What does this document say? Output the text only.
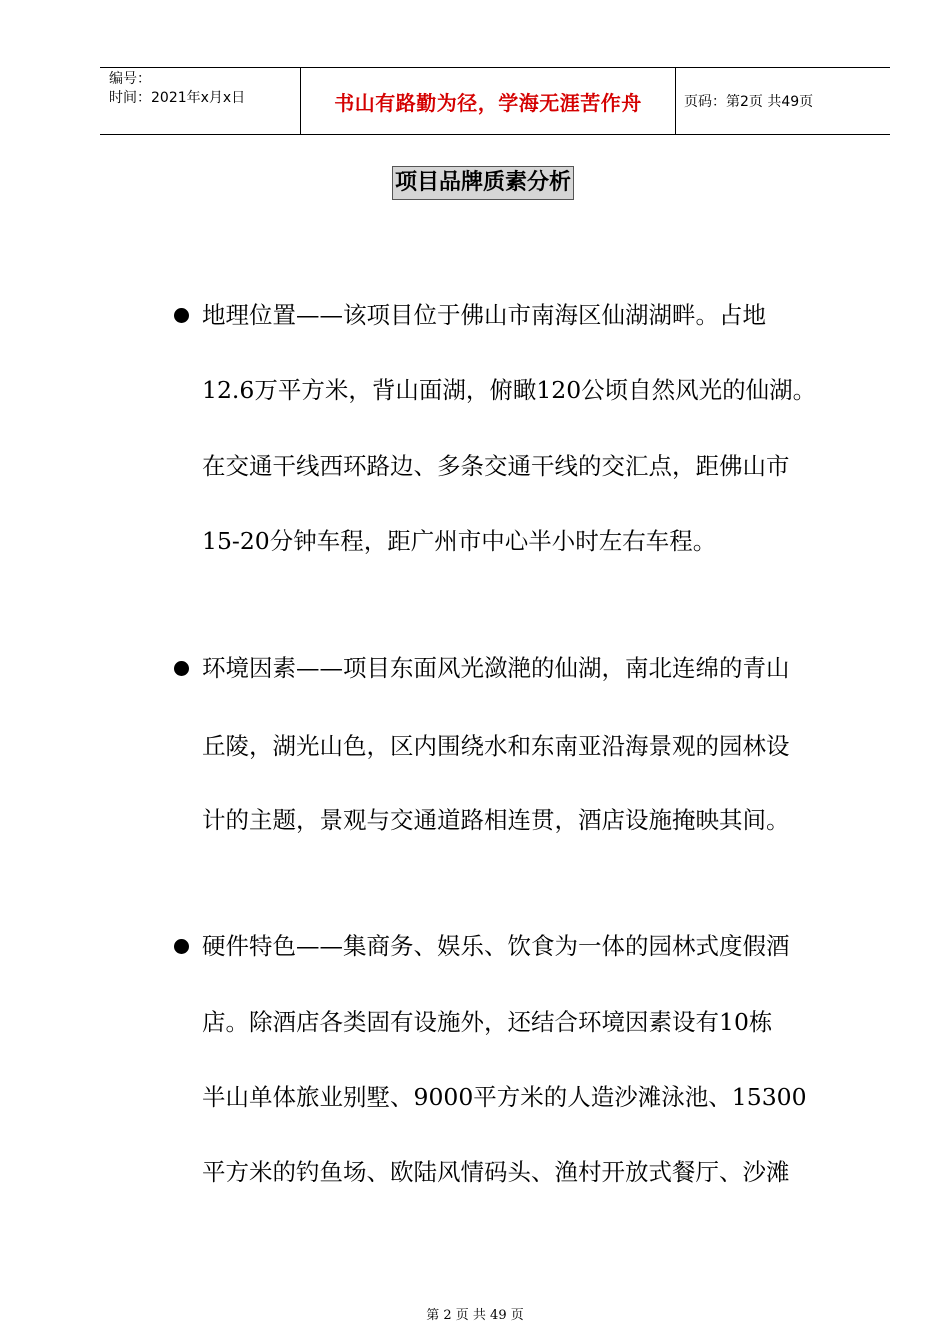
编号：
时间：2021年x月x日	书山有路勤为径，学海无涯苦作舟	页码：第2页 共49页
项目品牌质素分析
地理位置——该项目位于佛山市南海区仙湖湖畔。占地
12.6万平方米，背山面湖，俯瞰120公顷自然风光的仙湖。
在交通干线西环路边、多条交通干线的交汇点，距佛山市
15-20分钟车程，距广州市中心半小时左右车程。
环境因素——项目东面风光潋滟的仙湖，南北连绵的青山
丘陵，湖光山色，区内围绕水和东南亚沿海景观的园林设
计的主题，景观与交通道路相连贯，酒店设施掩映其间。
硬件特色——集商务、娱乐、饮食为一体的园林式度假酒
店。除酒店各类固有设施外，还结合环境因素设有10栋
半山单体旅业别墅、9000平方米的人造沙滩泳池、15300
平方米的钓鱼场、欧陆风情码头、渔村开放式餐厅、沙滩
第 2 页 共 49 页
